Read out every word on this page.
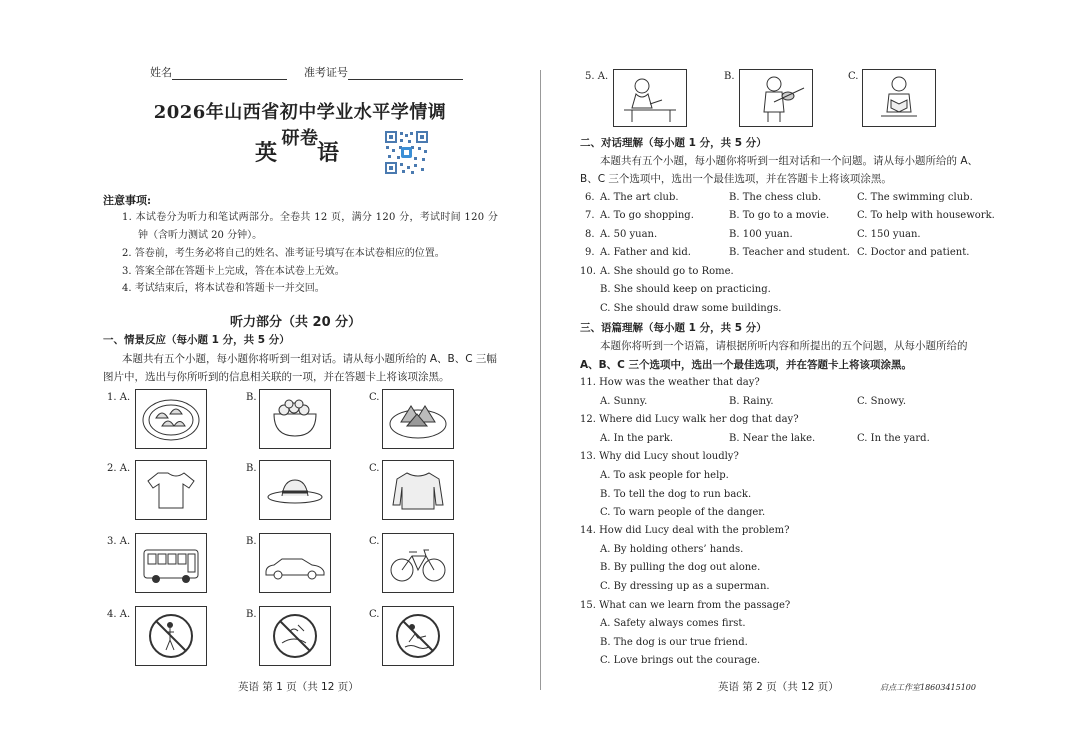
姓名	准考证号
2026年山西省初中学业水平学情调研卷
英 语
注意事项:
1. 本试卷分为听力和笔试两部分。全卷共 12 页，满分 120 分，考试时间 120 分
钟（含听力测试 20 分钟）。
2. 答卷前，考生务必将自己的姓名、准考证号填写在本试卷相应的位置。
3. 答案全部在答题卡上完成，答在本试卷上无效。
4. 考试结束后，将本试卷和答题卡一并交回。
听力部分（共 20 分）
一、情景反应（每小题 1 分，共 5 分）
本题共有五个小题，每小题你将听到一组对话。请从每小题所给的 A、B、C 三幅
图片中，选出与你所听到的信息相关联的一项，并在答题卡上将该项涂黑。
1. A.	B.	C.
2. A.	B.	C.
3. A.	B.	C.
4. A.	B.	C.
英语 第 1 页（共 12 页）
5. A.	B.	C.
二、对话理解（每小题 1 分，共 5 分）
本题共有五个小题，每小题你将听到一组对话和一个问题。请从每小题所给的 A、
B、C 三个选项中，选出一个最佳选项，并在答题卡上将该项涂黑。
6. A. The art club.	B. The chess club.	C. The swimming club.
7. A. To go shopping.	B. To go to a movie.	C. To help with housework.
8. A. 50 yuan.	B. 100 yuan.	C. 150 yuan.
9. A. Father and kid.	B. Teacher and student. C. Doctor and patient.
10. A. She should go to Rome.
B. She should keep on practicing.
C. She should draw some buildings.
三、语篇理解（每小题 1 分，共 5 分）
本题你将听到一个语篇，请根据所听内容和所提出的五个问题，从每小题所给的
A、B、C 三个选项中，选出一个最佳选项，并在答题卡上将该项涂黑。
11. How was the weather that day?
A. Sunny.	B. Rainy.	C. Snowy.
12. Where did Lucy walk her dog that day?
A. In the park.	B. Near the lake.	C. In the yard.
13. Why did Lucy shout loudly?
A. To ask people for help.
B. To tell the dog to run back.
C. To warn people of the danger.
14. How did Lucy deal with the problem?
A. By holding others’ hands.
B. By pulling the dog out alone.
C. By dressing up as a superman.
15. What can we learn from the passage?
A. Safety always comes first.
B. The dog is our true friend.
C. Love brings out the courage.
英语 第 2 页（共 12 页）	启点工作室18603415100
